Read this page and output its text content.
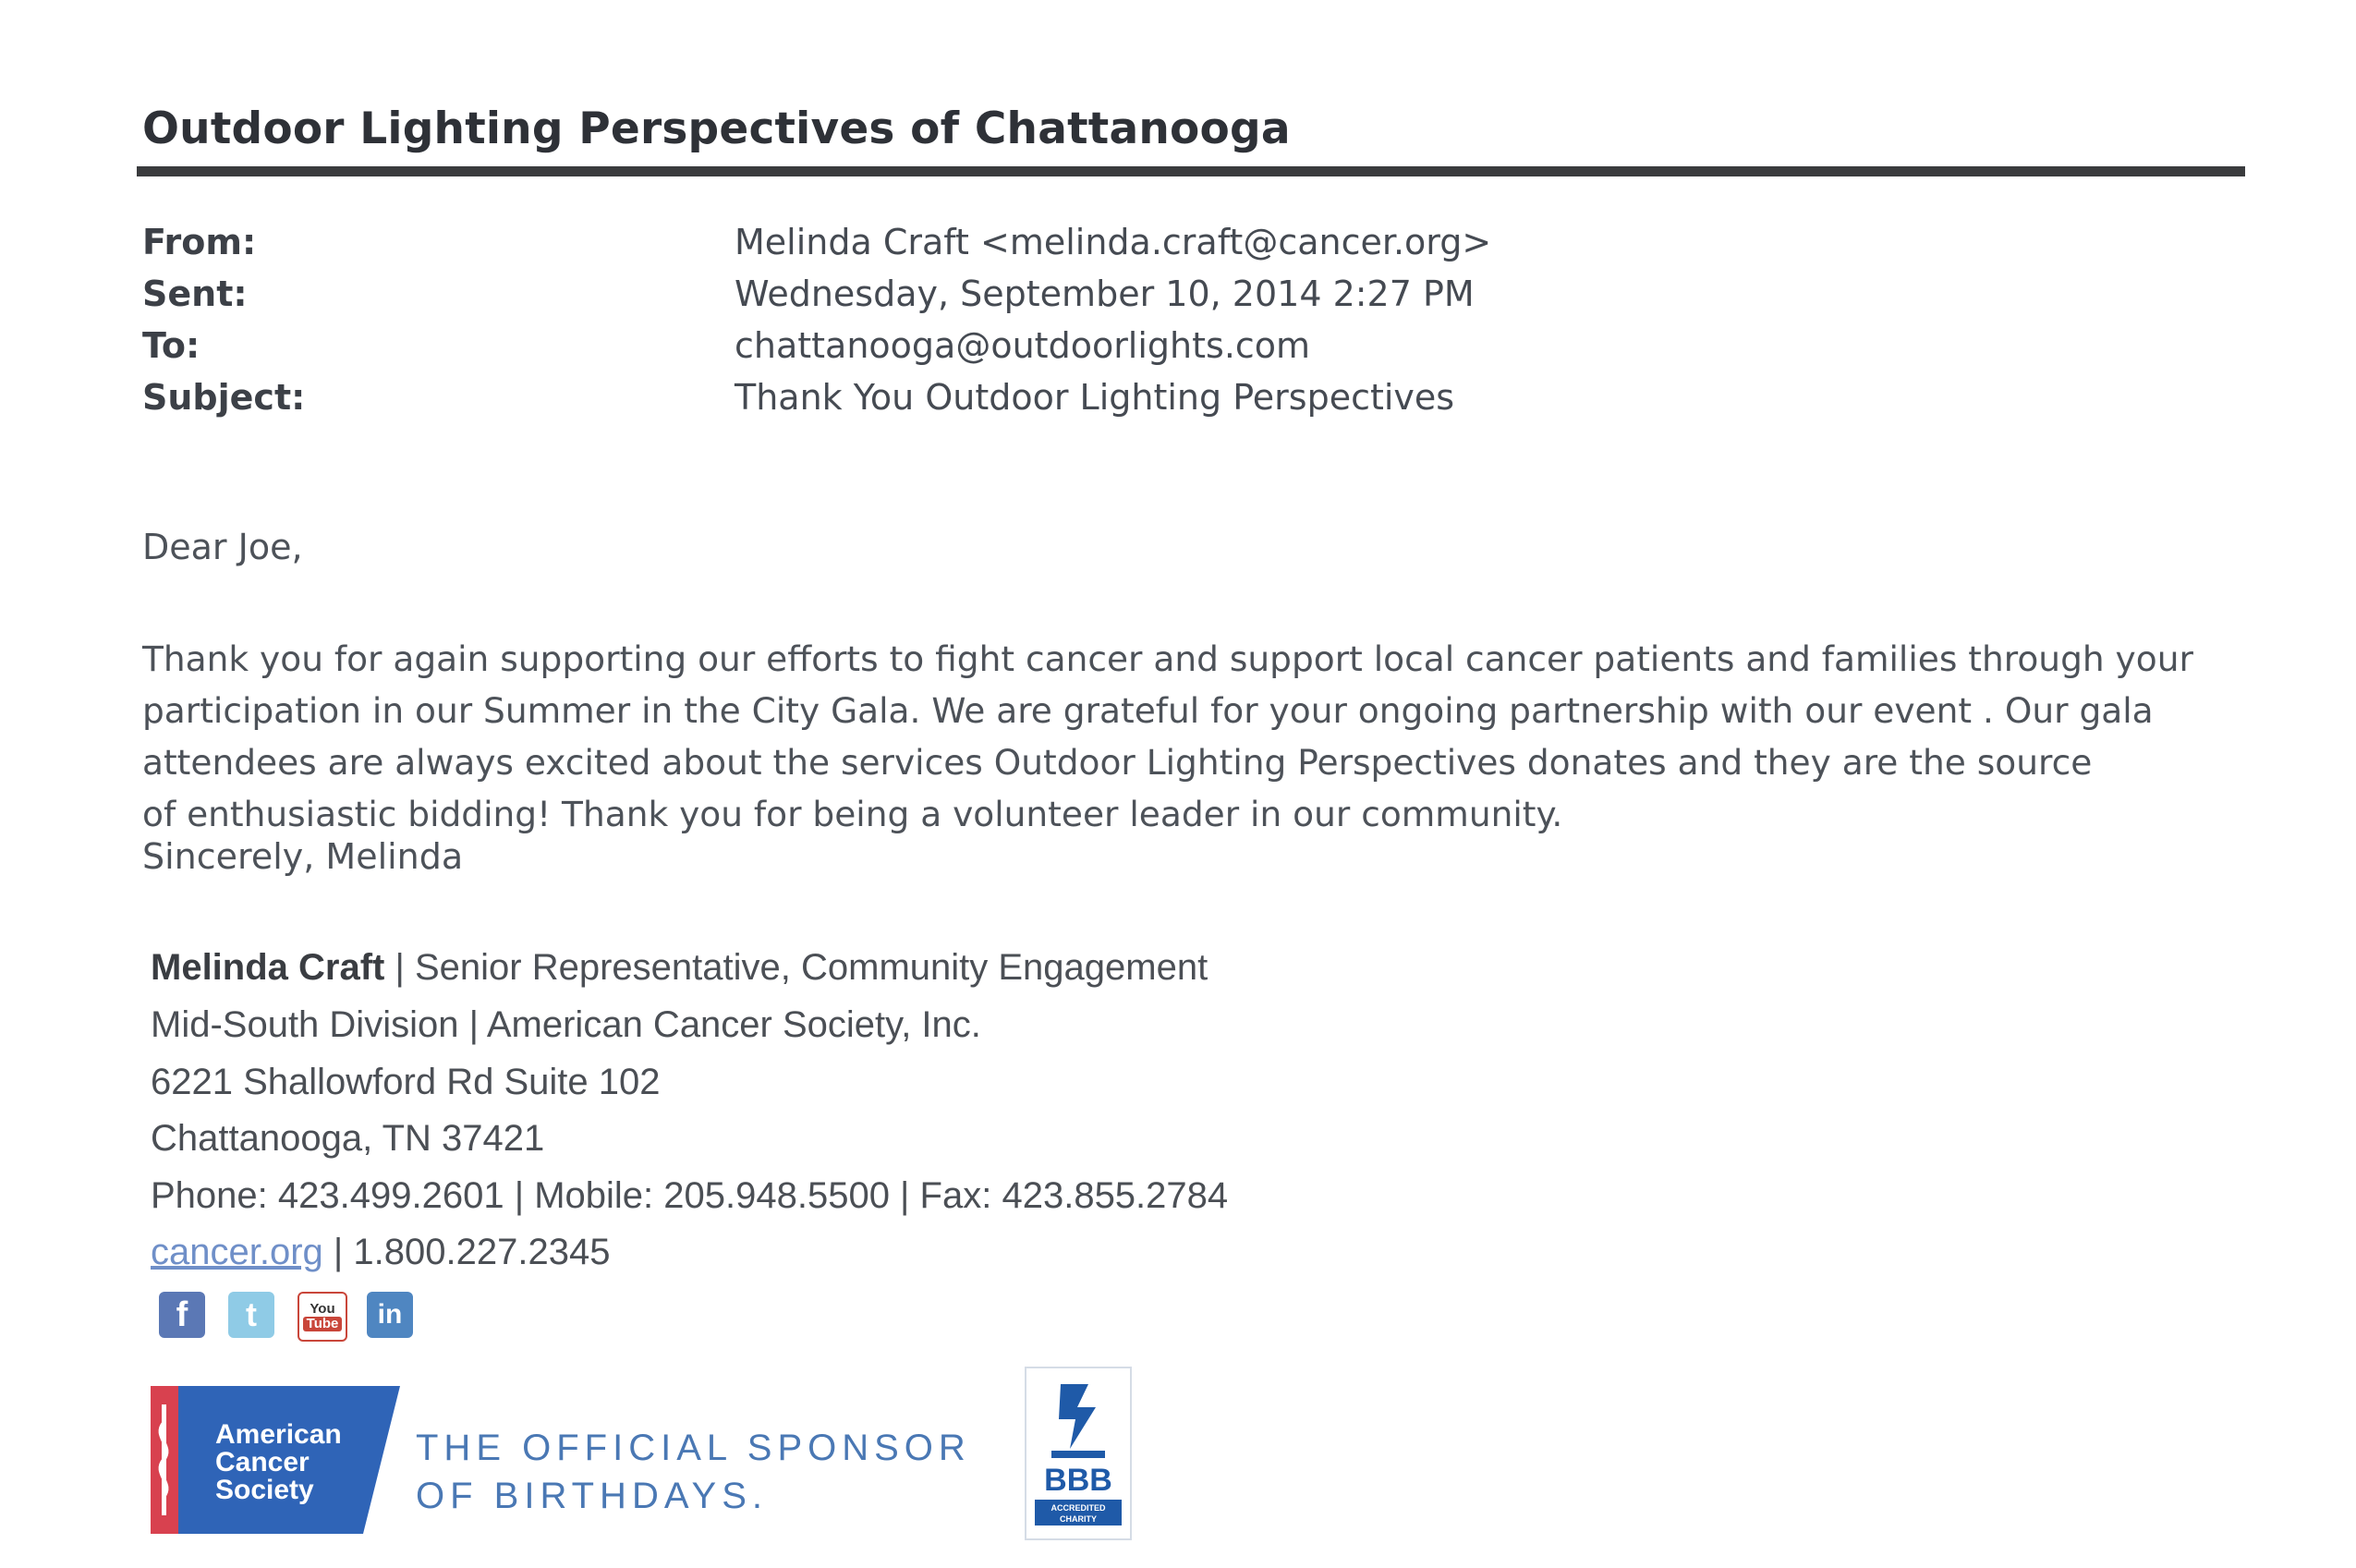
Outdoor Lighting Perspectives of Chattanooga
From:	Melinda Craft <melinda.craft@cancer.org>
Sent:	Wednesday, September 10, 2014 2:27 PM
To:	chattanooga@outdoorlights.com
Subject:	Thank You Outdoor Lighting Perspectives
Dear Joe,
Thank you for again supporting our efforts to fight cancer and support local cancer patients and families through your
participation in our Summer in the City Gala. We are grateful for your ongoing partnership with our event . Our gala
attendees are always excited about the services Outdoor Lighting Perspectives donates and they are the source
of enthusiastic bidding! Thank you for being a volunteer leader in our community.
Sincerely, Melinda
Melinda Craft | Senior Representative, Community Engagement
Mid-South Division | American Cancer Society, Inc.
6221 Shallowford Rd Suite 102
Chattanooga, TN 37421
Phone: 423.499.2601 | Mobile: 205.948.5500 | Fax: 423.855.2784
cancer.org | 1.800.227.2345
f	t	You
Tube	in
American
Cancer
Society
THE OFFICIAL SPONSOR
OF BIRTHDAYS.	BBB
ACCREDITED
CHARITY
